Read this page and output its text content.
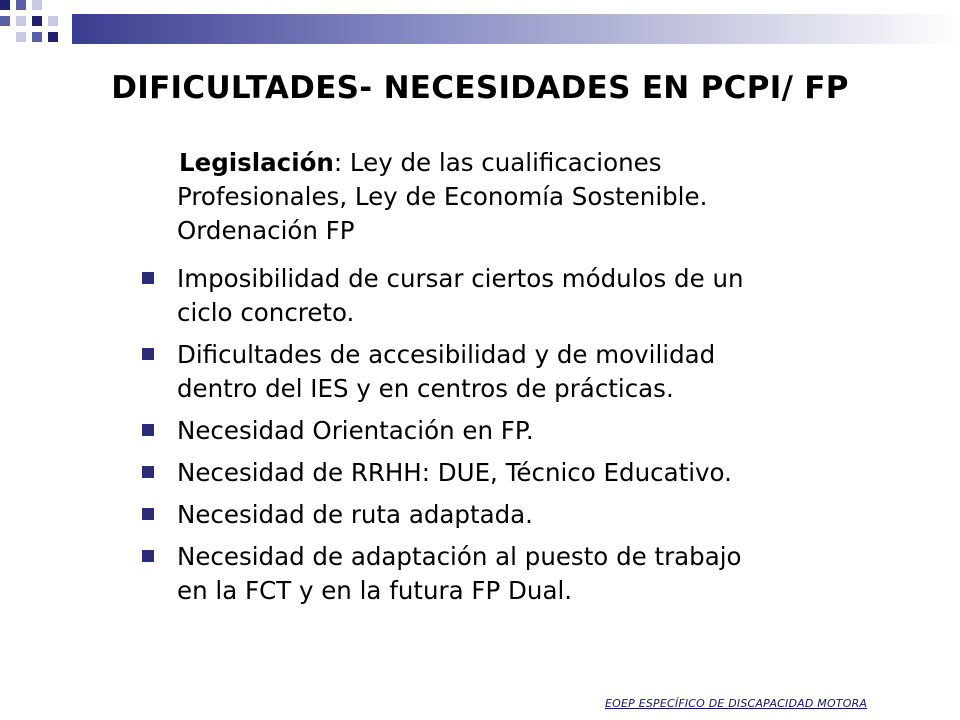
DIFICULTADES- NECESIDADES EN PCPI/ FP
Legislación: Ley de las cualificaciones
Profesionales, Ley de Economía Sostenible.
Ordenación FP
Imposibilidad de cursar ciertos módulos de un
ciclo concreto.
Dificultades de accesibilidad y de movilidad
dentro del IES y en centros de prácticas.
Necesidad Orientación en FP.
Necesidad de RRHH: DUE, Técnico Educativo.
Necesidad de ruta adaptada.
Necesidad de adaptación al puesto de trabajo
en la FCT y en la futura FP Dual.
EOEP ESPECÍFICO DE DISCAPACIDAD MOTORA
